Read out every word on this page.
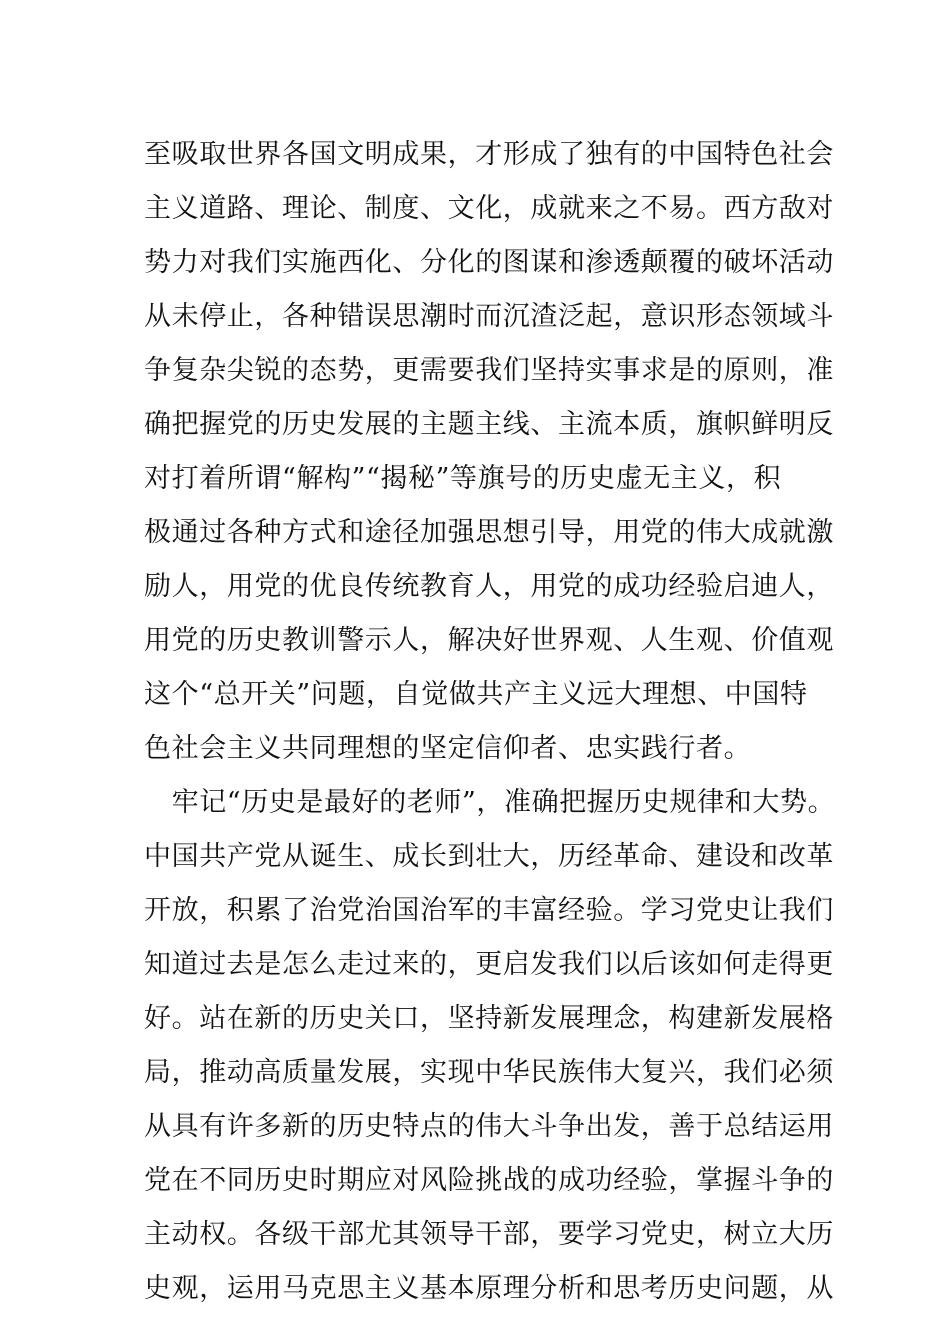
至吸取世界各国文明成果，才形成了独有的中国特色社会
主义道路、理论、制度、文化，成就来之不易。西方敌对
势力对我们实施西化、分化的图谋和渗透颠覆的破坏活动
从未停止，各种错误思潮时而沉渣泛起，意识形态领域斗
争复杂尖锐的态势，更需要我们坚持实事求是的原则，准
确把握党的历史发展的主题主线、主流本质，旗帜鲜明反
对打着所谓“解构”“揭秘”等旗号的历史虚无主义，积
极通过各种方式和途径加强思想引导，用党的伟大成就激
励人，用党的优良传统教育人，用党的成功经验启迪人，
用党的历史教训警示人，解决好世界观、人生观、价值观
这个“总开关”问题，自觉做共产主义远大理想、中国特
色社会主义共同理想的坚定信仰者、忠实践行者。
　牢记“历史是最好的老师”，准确把握历史规律和大势。
中国共产党从诞生、成长到壮大，历经革命、建设和改革
开放，积累了治党治国治军的丰富经验。学习党史让我们
知道过去是怎么走过来的，更启发我们以后该如何走得更
好。站在新的历史关口，坚持新发展理念，构建新发展格
局，推动高质量发展，实现中华民族伟大复兴，我们必须
从具有许多新的历史特点的伟大斗争出发，善于总结运用
党在不同历史时期应对风险挑战的成功经验，掌握斗争的
主动权。各级干部尤其领导干部，要学习党史，树立大历
史观，运用马克思主义基本原理分析和思考历史问题，从
